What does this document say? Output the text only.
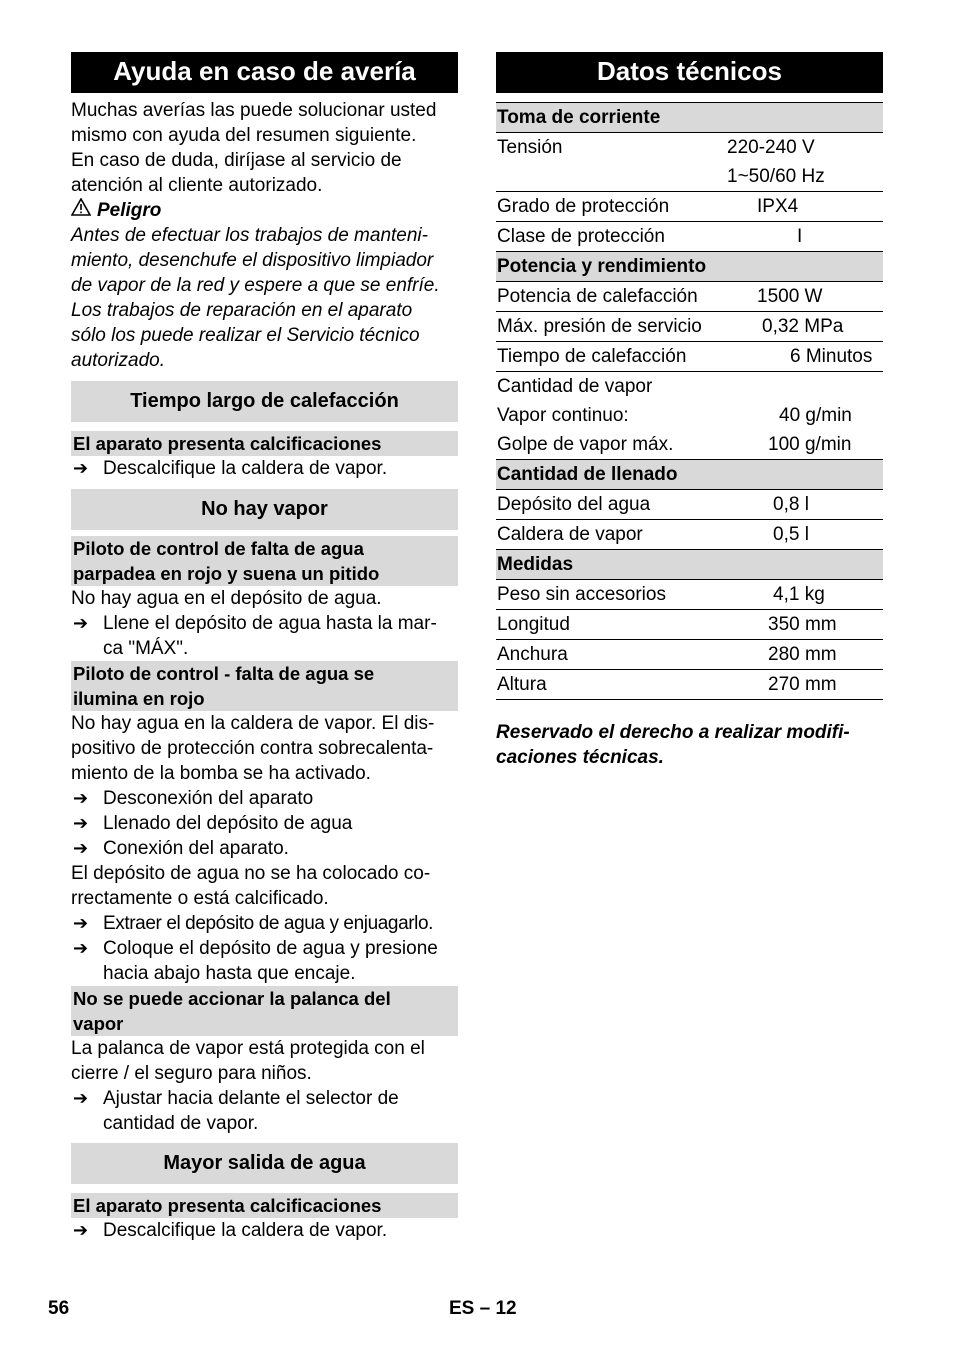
Ayuda en caso de avería
Muchas averías las puede solucionar usted
mismo con ayuda del resumen siguiente.
En caso de duda, diríjase al servicio de
atención al cliente autorizado.
Peligro
Antes de efectuar los trabajos de manteni-
miento, desenchufe el dispositivo limpiador
de vapor de la red y espere a que se enfríe.
Los trabajos de reparación en el aparato
sólo los puede realizar el Servicio técnico
autorizado.
Tiempo largo de calefacción
El aparato presenta calcificaciones
➔ Descalcifique la caldera de vapor.
No hay vapor
Piloto de control de falta de agua
parpadea en rojo y suena un pitido
No hay agua en el depósito de agua.
➔ Llene el depósito de agua hasta la mar-
ca "MÁX".
Piloto de control - falta de agua se
ilumina en rojo
No hay agua en la caldera de vapor. El dis-
positivo de protección contra sobrecalenta-
miento de la bomba se ha activado.
➔ Desconexión del aparato
➔ Llenado del depósito de agua
➔ Conexión del aparato.
El depósito de agua no se ha colocado co-
rrectamente o está calcificado.
➔ Extraer el depósito de agua y enjuagarlo.
➔ Coloque el depósito de agua y presione
hacia abajo hasta que encaje.
No se puede accionar la palanca del
vapor
La palanca de vapor está protegida con el
cierre / el seguro para niños.
➔ Ajustar hacia delante el selector de
cantidad de vapor.
Mayor salida de agua
El aparato presenta calcificaciones
➔ Descalcifique la caldera de vapor.
Datos técnicos
Toma de corriente
Tensión	220-240 V
1~50/60 Hz
Grado de protección	IPX4
Clase de protección	I
Potencia y rendimiento
Potencia de calefacción	1500 W
Máx. presión de servicio	0,32 MPa
Tiempo de calefacción	6 Minutos
Cantidad de vapor
Vapor continuo:	40 g/min
Golpe de vapor máx.	100 g/min
Cantidad de llenado
Depósito del agua	0,8 l
Caldera de vapor	0,5 l
Medidas
Peso sin accesorios	4,1 kg
Longitud	350 mm
Anchura	280 mm
Altura	270 mm
Reservado el derecho a realizar modifi-
caciones técnicas.
56	ES – 12
